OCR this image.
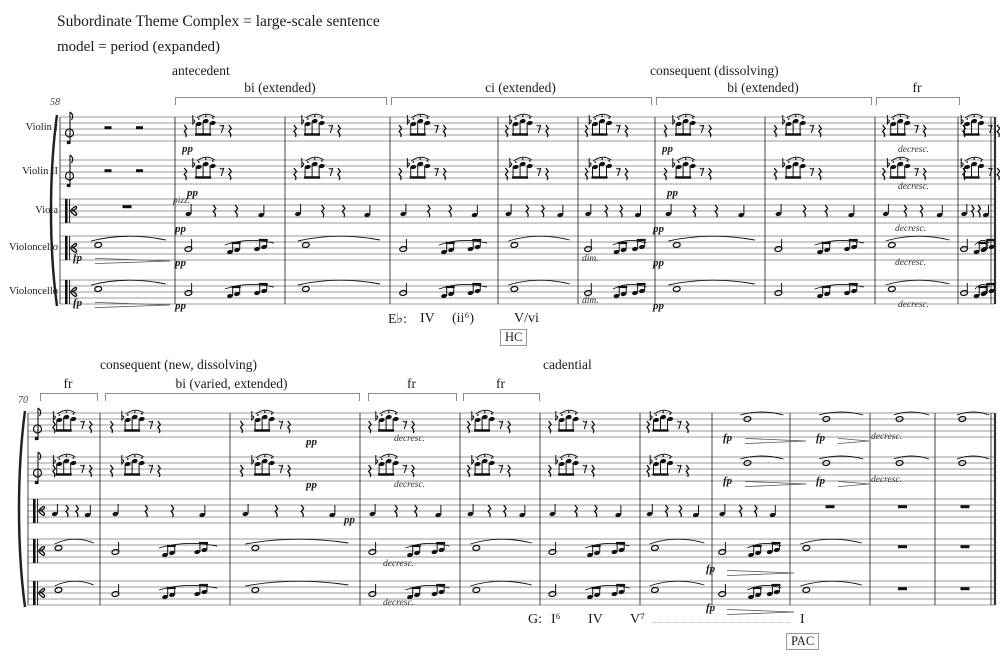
Subordinate Theme Complex = large-scale sentence
model = period (expanded)
antecedent	consequent (dissolving)
bi (extended)	ci (extended)	bi (extended)	fr
Violin I
Violin II
Viola
Violoncello
Violoncello
fp
fp
pp
pp
pizz.
pp
pp
pp
dim.
dim.
pp
pp
pp
pp
pp
decresc.
decresc.
decresc.
decresc.
decresc.
E♭: IV (ii⁶)	V/vi
HC
58
consequent (new, dissolving)	cadential
fr	bi (varied, extended)	fr	fr
pp
pp
decresc.
decresc.
pp
decresc.
decresc.
fp
fp
fp
fp
decresc.
decresc.
fp
fp
G: I⁶ IV V⁷	I
PAC
70
